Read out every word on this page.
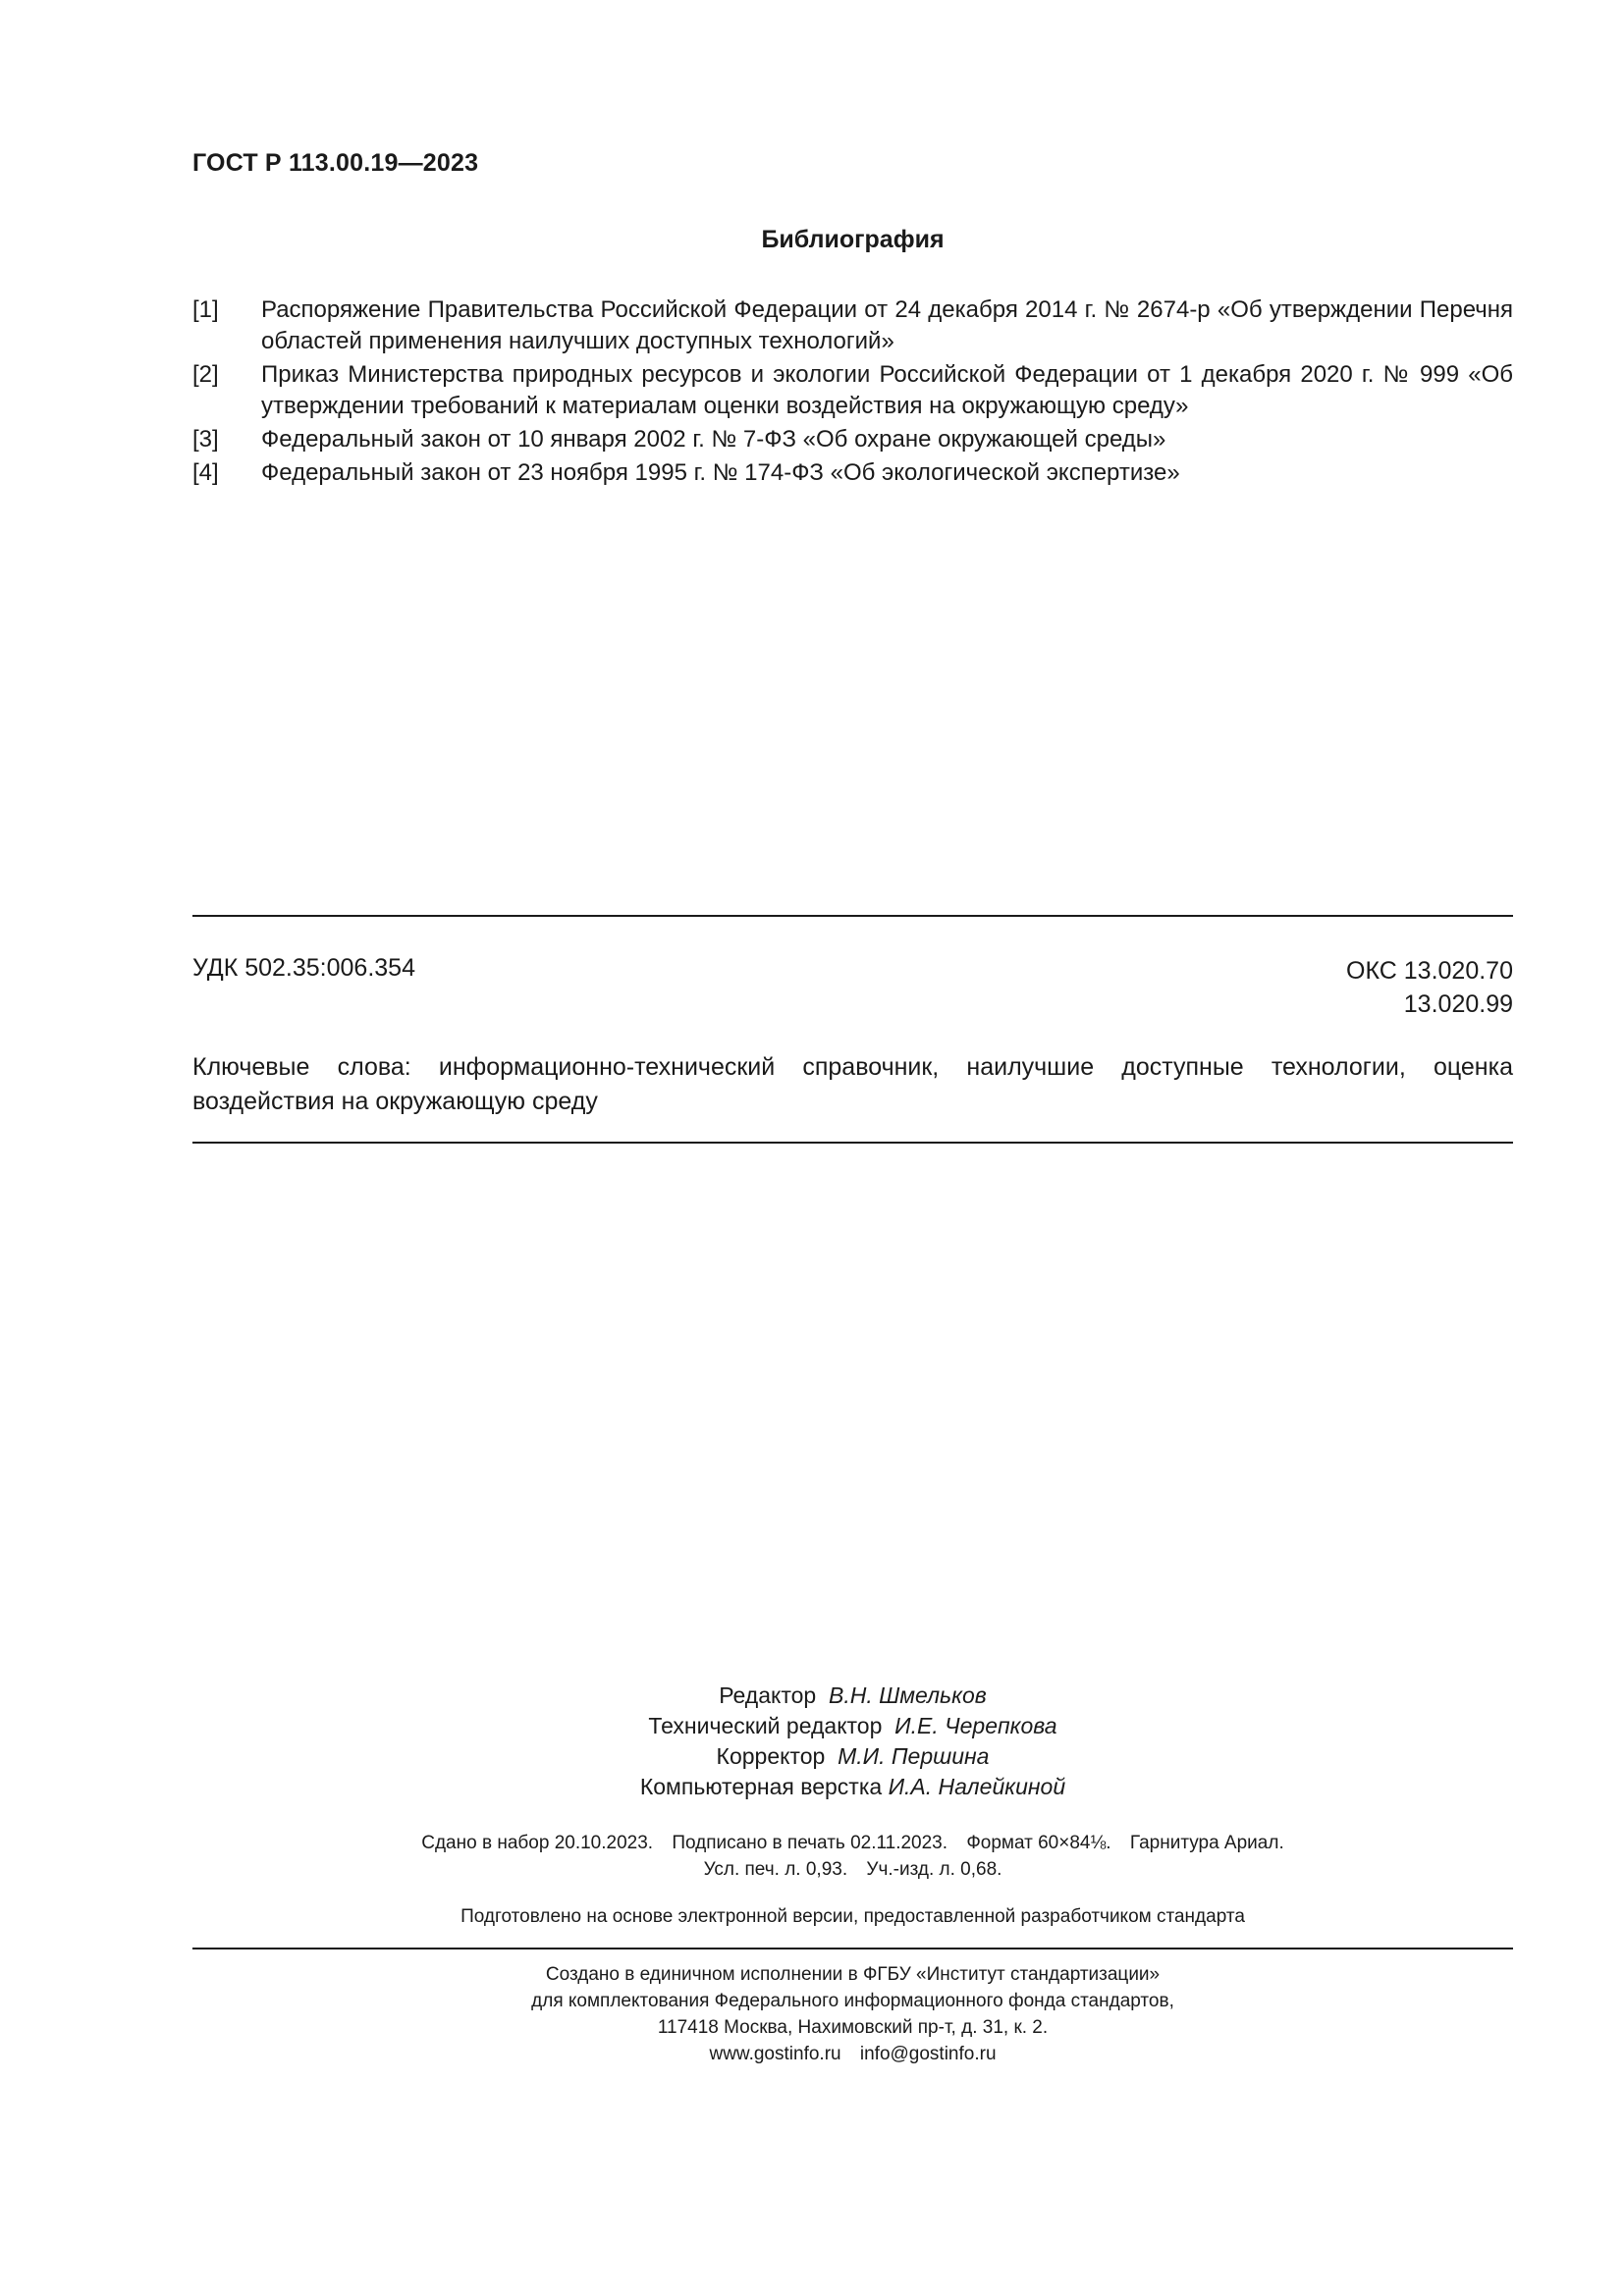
ГОСТ Р 113.00.19—2023
Библиография
[1]	Распоряжение Правительства Российской Федерации от 24 декабря 2014 г. № 2674-р «Об утверждении Перечня областей применения наилучших доступных технологий»
[2]	Приказ Министерства природных ресурсов и экологии Российской Федерации от 1 декабря 2020 г. № 999 «Об утверждении требований к материалам оценки воздействия на окружающую среду»
[3]	Федеральный закон от 10 января 2002 г. № 7-ФЗ «Об охране окружающей среды»
[4]	Федеральный закон от 23 ноября 1995 г. № 174-ФЗ «Об экологической экспертизе»
УДК 502.35:006.354	ОКС 13.020.70
13.020.99
Ключевые слова: информационно-технический справочник, наилучшие доступные технологии, оценка воздействия на окружающую среду
Редактор В.Н. Шмельков
Технический редактор И.Е. Черепкова
Корректор М.И. Першина
Компьютерная верстка И.А. Налейкиной
Сдано в набор 20.10.2023. Подписано в печать 02.11.2023. Формат 60×84⅛. Гарнитура Ариал.
Усл. печ. л. 0,93. Уч.-изд. л. 0,68.
Подготовлено на основе электронной версии, предоставленной разработчиком стандарта
Создано в единичном исполнении в ФГБУ «Институт стандартизации»
для комплектования Федерального информационного фонда стандартов,
117418 Москва, Нахимовский пр-т, д. 31, к. 2.
www.gostinfo.ru info@gostinfo.ru
